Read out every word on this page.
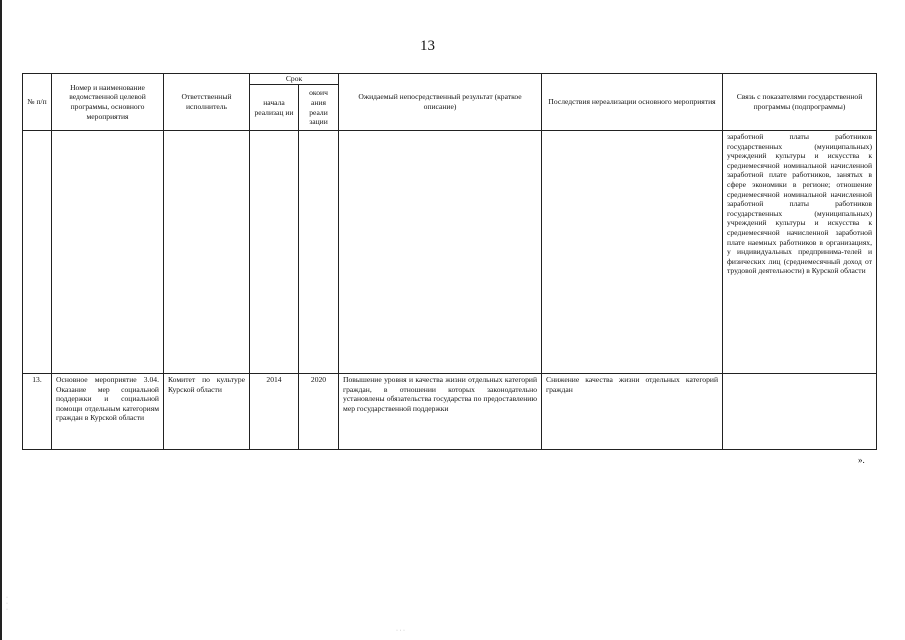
13
№ п/п	Номер и наименование ведомственной целевой программы, основного мероприятия	Ответственный исполнитель	Срок		Ожидаемый непосредственный результат (краткое описание)	Последствия нереализации основного мероприятия	Связь с показателями государственной программы (подпрограммы)
			начала реализац ии	окоич ания реали зации			
							заработной платы работников государственных (муниципальных) учреждений культуры и искусства к среднемесячной номинальной начисленной заработной плате работников, занятых в сфере экономики в регионе; отношение среднемесячной номинальной начисленной заработной платы работников государственных (муниципальных) учреждений культуры и искусства к среднемесячной начисленной заработной плате наемных работников в организациях, у индивидуальных предпринима-телей и физических лиц (среднемесячный доход от трудовой деятельности) в Курской области
13.	Основное мероприятие 3.04. Оказание мер социальной поддержки и социальной помощи отдельным категориям граждан в Курской области	Комитет по культуре Курской области	2014	2020	Повышение уровня и качества жизни отдельных категорий граждан, в отношении которых законодательно установлены обязательства государства по предоставлению мер государственной поддержки	Снижение качества жизни отдельных категорий граждан	
».
·
·
·
· · ·
